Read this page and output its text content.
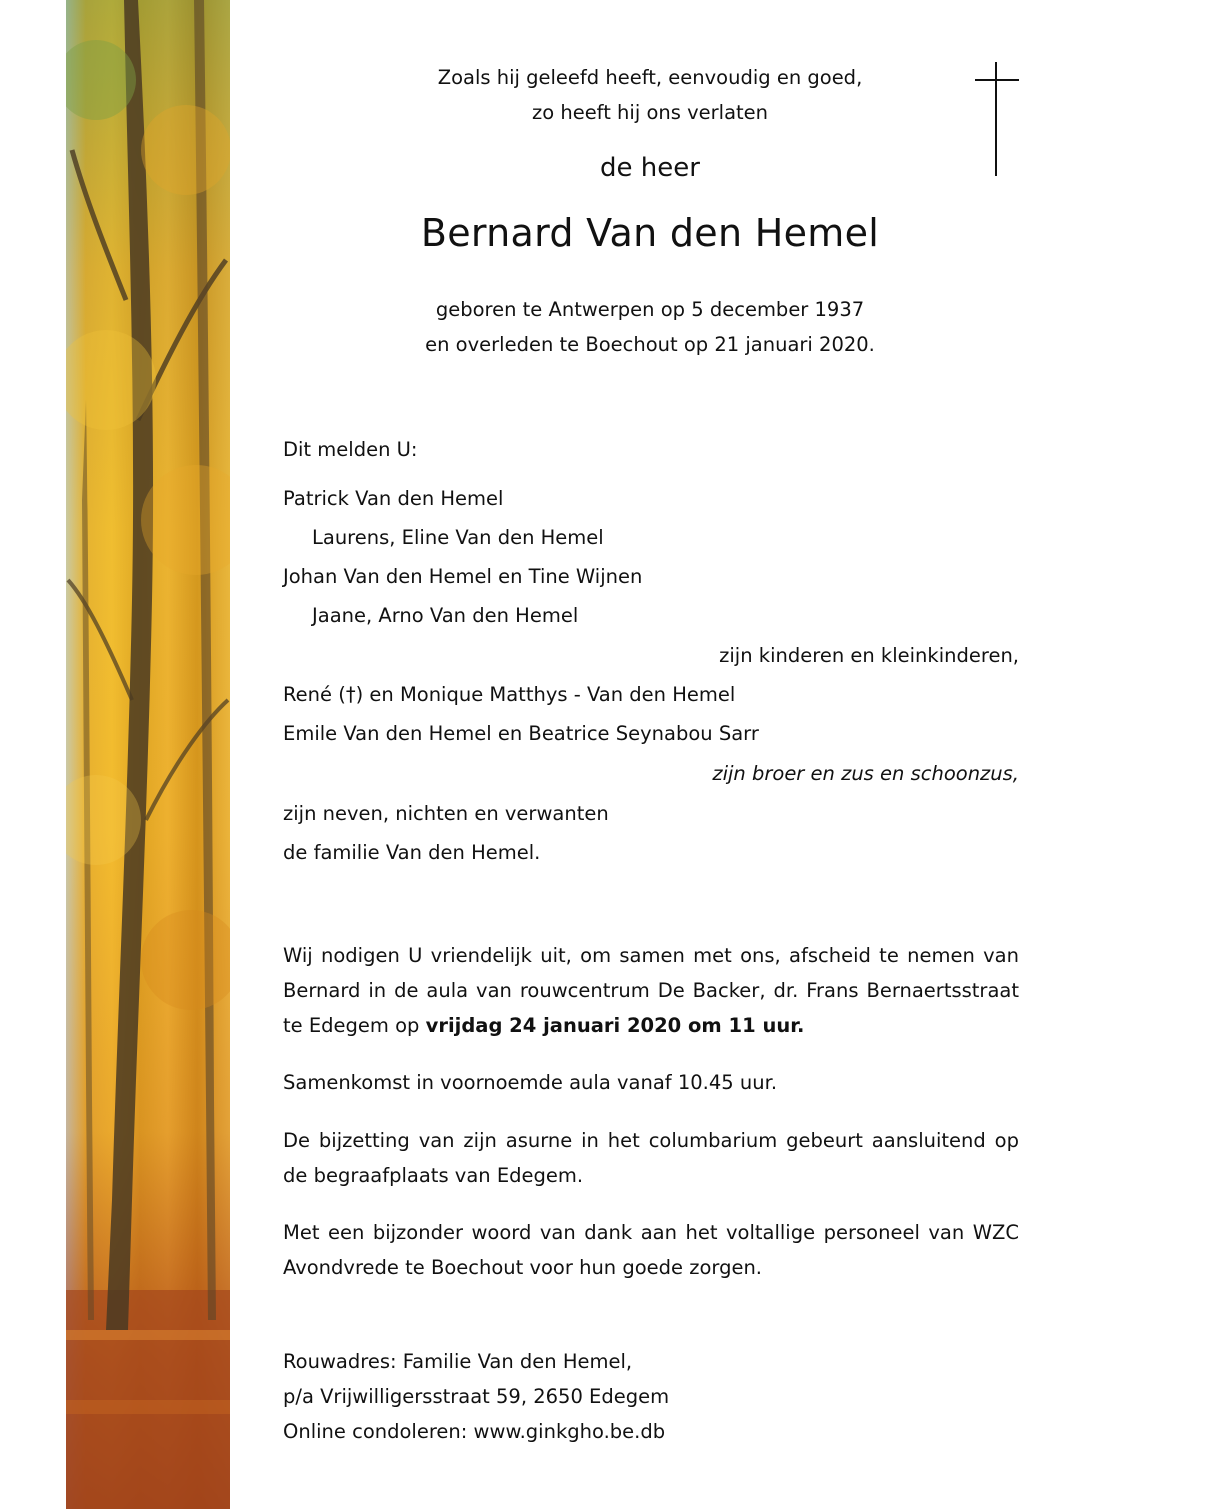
Zoals hij geleefd heeft, eenvoudig en goed,
zo heeft hij ons verlaten
de heer
Bernard Van den Hemel
geboren te Antwerpen op 5 december 1937
en overleden te Boechout op 21 januari 2020.
Dit melden U:
Patrick Van den Hemel
Laurens, Eline Van den Hemel
Johan Van den Hemel en Tine Wijnen
Jaane, Arno Van den Hemel
zijn kinderen en kleinkinderen,
René (†) en Monique Matthys - Van den Hemel
Emile Van den Hemel en Beatrice Seynabou Sarr
zijn broer en zus en schoonzus,
zijn neven, nichten en verwanten
de familie Van den Hemel.
Wij nodigen U vriendelijk uit, om samen met ons, afscheid te nemen van Bernard in de aula van rouwcentrum De Backer, dr. Frans Bernaertsstraat te Edegem op vrijdag 24 januari 2020 om 11 uur.
Samenkomst in voornoemde aula vanaf 10.45 uur.
De bijzetting van zijn asurne in het columbarium gebeurt aansluitend op de begraafplaats van Edegem.
Met een bijzonder woord van dank aan het voltallige personeel van WZC Avondvrede te Boechout voor hun goede zorgen.
Rouwadres: Familie Van den Hemel,
p/a Vrijwilligersstraat 59, 2650 Edegem
Online condoleren: www.ginkgho.be.db
